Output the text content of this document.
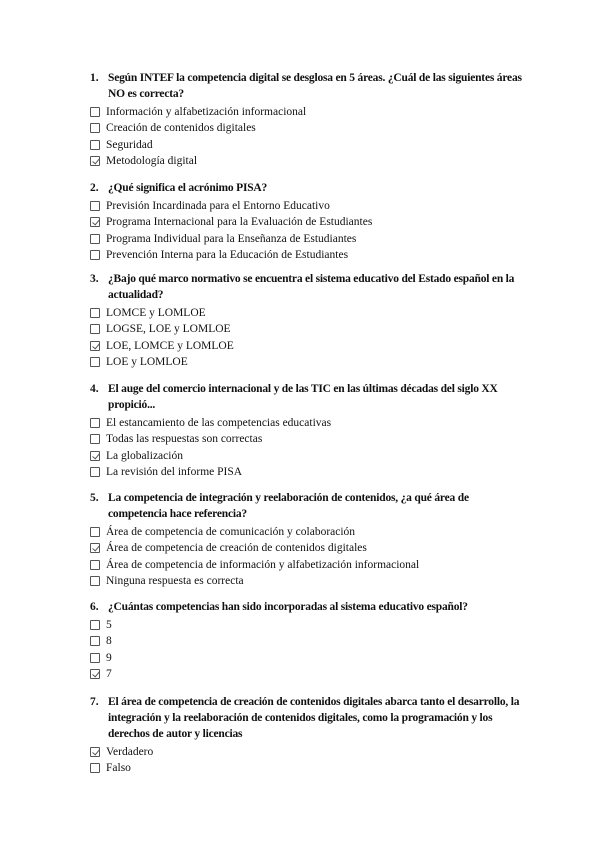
1. Según INTEF la competencia digital se desglosa en 5 áreas. ¿Cuál de las siguientes áreas NO es correcta?
Información y alfabetización informacional
Creación de contenidos digitales
Seguridad
Metodología digital
2. ¿Qué significa el acrónimo PISA?
Previsión Incardinada para el Entorno Educativo
Programa Internacional para la Evaluación de Estudiantes
Programa Individual para la Enseñanza de Estudiantes
Prevención Interna para la Educación de Estudiantes
3. ¿Bajo qué marco normativo se encuentra el sistema educativo del Estado español en la actualidad?
LOMCE y LOMLOE
LOGSE, LOE y LOMLOE
LOE, LOMCE y LOMLOE
LOE y LOMLOE
4. El auge del comercio internacional y de las TIC en las últimas décadas del siglo XX propició...
El estancamiento de las competencias educativas
Todas las respuestas son correctas
La globalización
La revisión del informe PISA
5. La competencia de integración y reelaboración de contenidos, ¿a qué área de competencia hace referencia?
Área de competencia de comunicación y colaboración
Área de competencia de creación de contenidos digitales
Área de competencia de información y alfabetización informacional
Ninguna respuesta es correcta
6. ¿Cuántas competencias han sido incorporadas al sistema educativo español?
5
8
9
7
7. El área de competencia de creación de contenidos digitales abarca tanto el desarrollo, la integración y la reelaboración de contenidos digitales, como la programación y los derechos de autor y licencias
Verdadero
Falso
